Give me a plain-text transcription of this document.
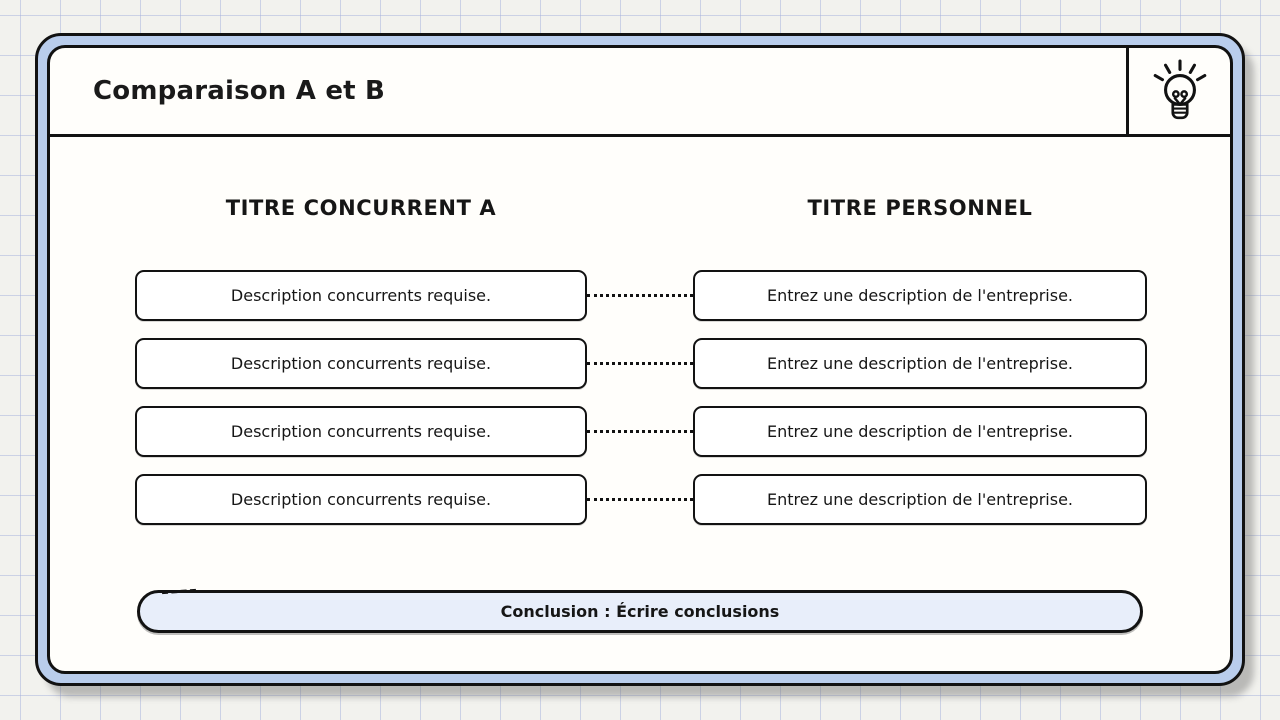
Comparaison A et B
TITRE CONCURRENT A	TITRE PERSONNEL
Description concurrents requise.	Entrez une description de l'entreprise.
Description concurrents requise.	Entrez une description de l'entreprise.
Description concurrents requise.	Entrez une description de l'entreprise.
Description concurrents requise.	Entrez une description de l'entreprise.
Conclusion : Écrire conclusions
